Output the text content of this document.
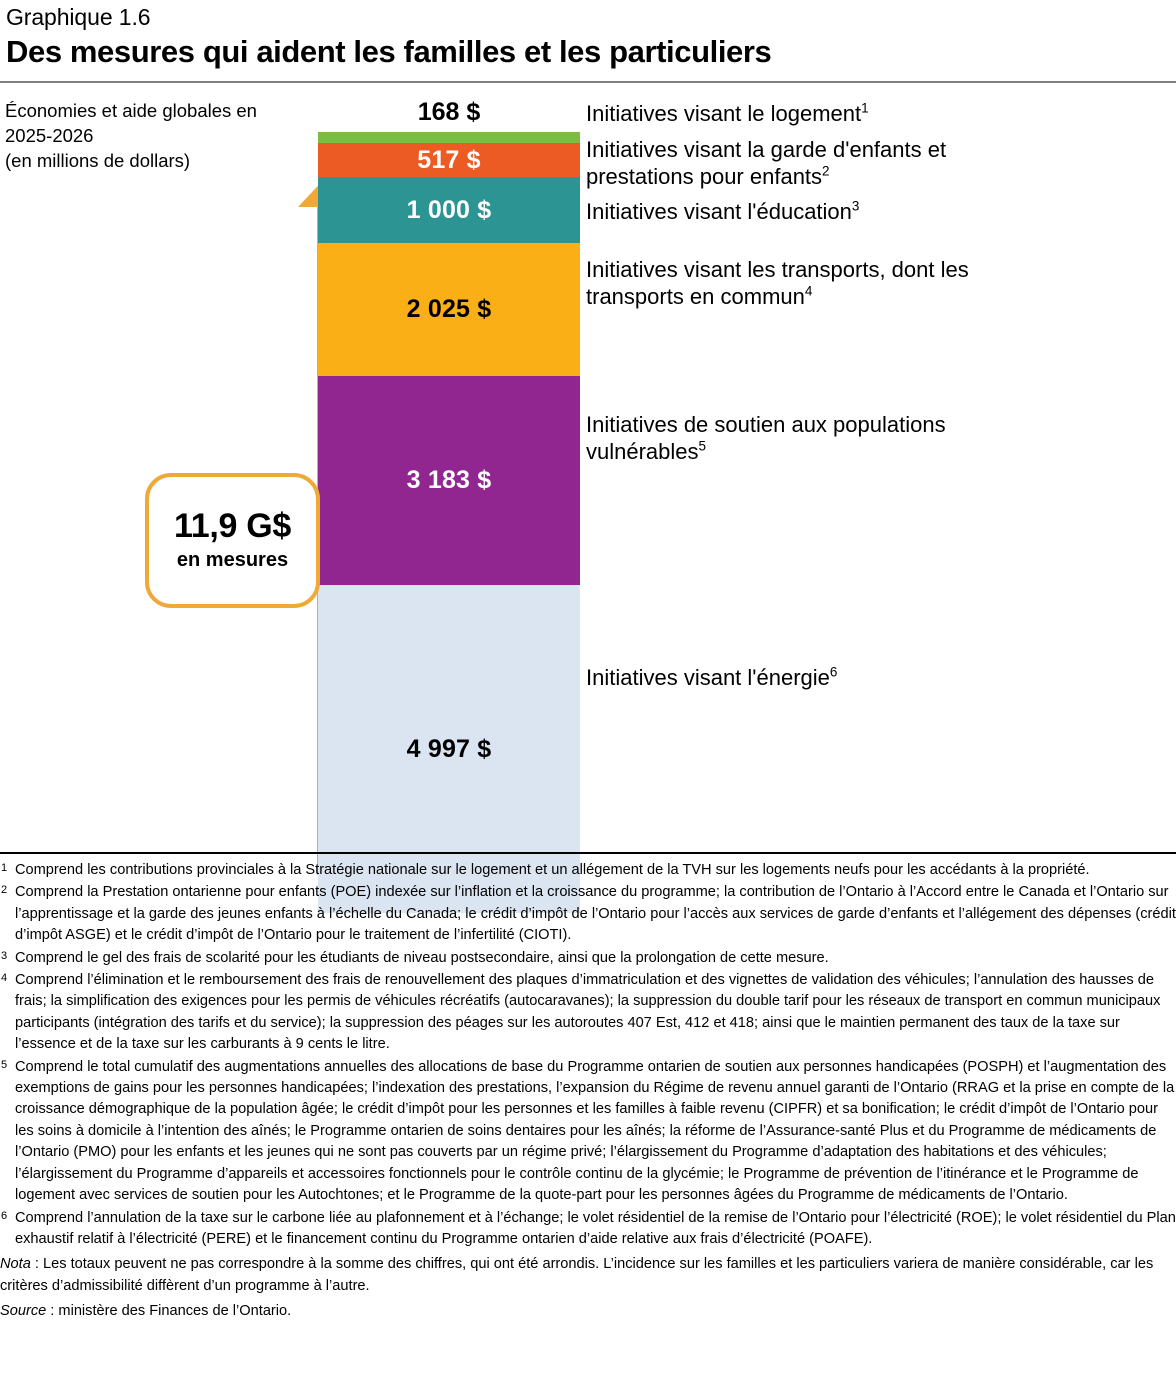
Graphique 1.6
Des mesures qui aident les familles et les particuliers
Économies et aide globales en
2025-2026
(en millions de dollars)
168 $
517 $
1 000 $
2 025 $
3 183 $
4 997 $
11,9 G$
en mesures
Initiatives visant le logement$^1$
Initiatives visant la garde d'enfants et
prestations pour enfants$^2$
Initiatives visant l'éducation$^3$
Initiatives visant les transports, dont les
transports en commun$^4$
Initiatives de soutien aux populations
vulnérables$^5$
Initiatives visant l'énergie$^6$
1 Comprend les contributions provinciales à la Stratégie nationale sur le logement et un allégement de la TVH sur les logements neufs pour les accédants à la propriété.
2 Comprend la Prestation ontarienne pour enfants (POE) indexée sur l’inflation et la croissance du programme; la contribution de l’Ontario à l’Accord entre le Canada et l’Ontario sur l’apprentissage et la garde des jeunes enfants à l’échelle du Canada; le crédit d’impôt de l’Ontario pour l’accès aux services de garde d’enfants et l’allégement des dépenses (crédit d’impôt ASGE) et le crédit d’impôt de l’Ontario pour le traitement de l’infertilité (CIOTI).
3 Comprend le gel des frais de scolarité pour les étudiants de niveau postsecondaire, ainsi que la prolongation de cette mesure.
4 Comprend l’élimination et le remboursement des frais de renouvellement des plaques d’immatriculation et des vignettes de validation des véhicules; l’annulation des hausses de frais; la simplification des exigences pour les permis de véhicules récréatifs (autocaravanes); la suppression du double tarif pour les réseaux de transport en commun municipaux participants (intégration des tarifs et du service); la suppression des péages sur les autoroutes 407 Est, 412 et 418; ainsi que le maintien permanent des taux de la taxe sur l’essence et de la taxe sur les carburants à 9 cents le litre.
5 Comprend le total cumulatif des augmentations annuelles des allocations de base du Programme ontarien de soutien aux personnes handicapées (POSPH) et l’augmentation des exemptions de gains pour les personnes handicapées; l’indexation des prestations, l’expansion du Régime de revenu annuel garanti de l’Ontario (RRAG et la prise en compte de la croissance démographique de la population âgée; le crédit d’impôt pour les personnes et les familles à faible revenu (CIPFR) et sa bonification; le crédit d’impôt de l’Ontario pour les soins à domicile à l’intention des aînés; le Programme ontarien de soins dentaires pour les aînés; la réforme de l’Assurance-santé Plus et du Programme de médicaments de l’Ontario (PMO) pour les enfants et les jeunes qui ne sont pas couverts par un régime privé; l’élargissement du Programme d’adaptation des habitations et des véhicules; l’élargissement du Programme d’appareils et accessoires fonctionnels pour le contrôle continu de la glycémie; le Programme de prévention de l’itinérance et le Programme de logement avec services de soutien pour les Autochtones; et le Programme de la quote-part pour les personnes âgées du Programme de médicaments de l’Ontario.
6 Comprend l’annulation de la taxe sur le carbone liée au plafonnement et à l’échange; le volet résidentiel de la remise de l’Ontario pour l’électricité (ROE); le volet résidentiel du Plan exhaustif relatif à l’électricité (PERE) et le financement continu du Programme ontarien d’aide relative aux frais d’électricité (POAFE).
Nota : Les totaux peuvent ne pas correspondre à la somme des chiffres, qui ont été arrondis. L’incidence sur les familles et les particuliers variera de manière considérable, car les critères d’admissibilité diffèrent d’un programme à l’autre.
Source : ministère des Finances de l’Ontario.
